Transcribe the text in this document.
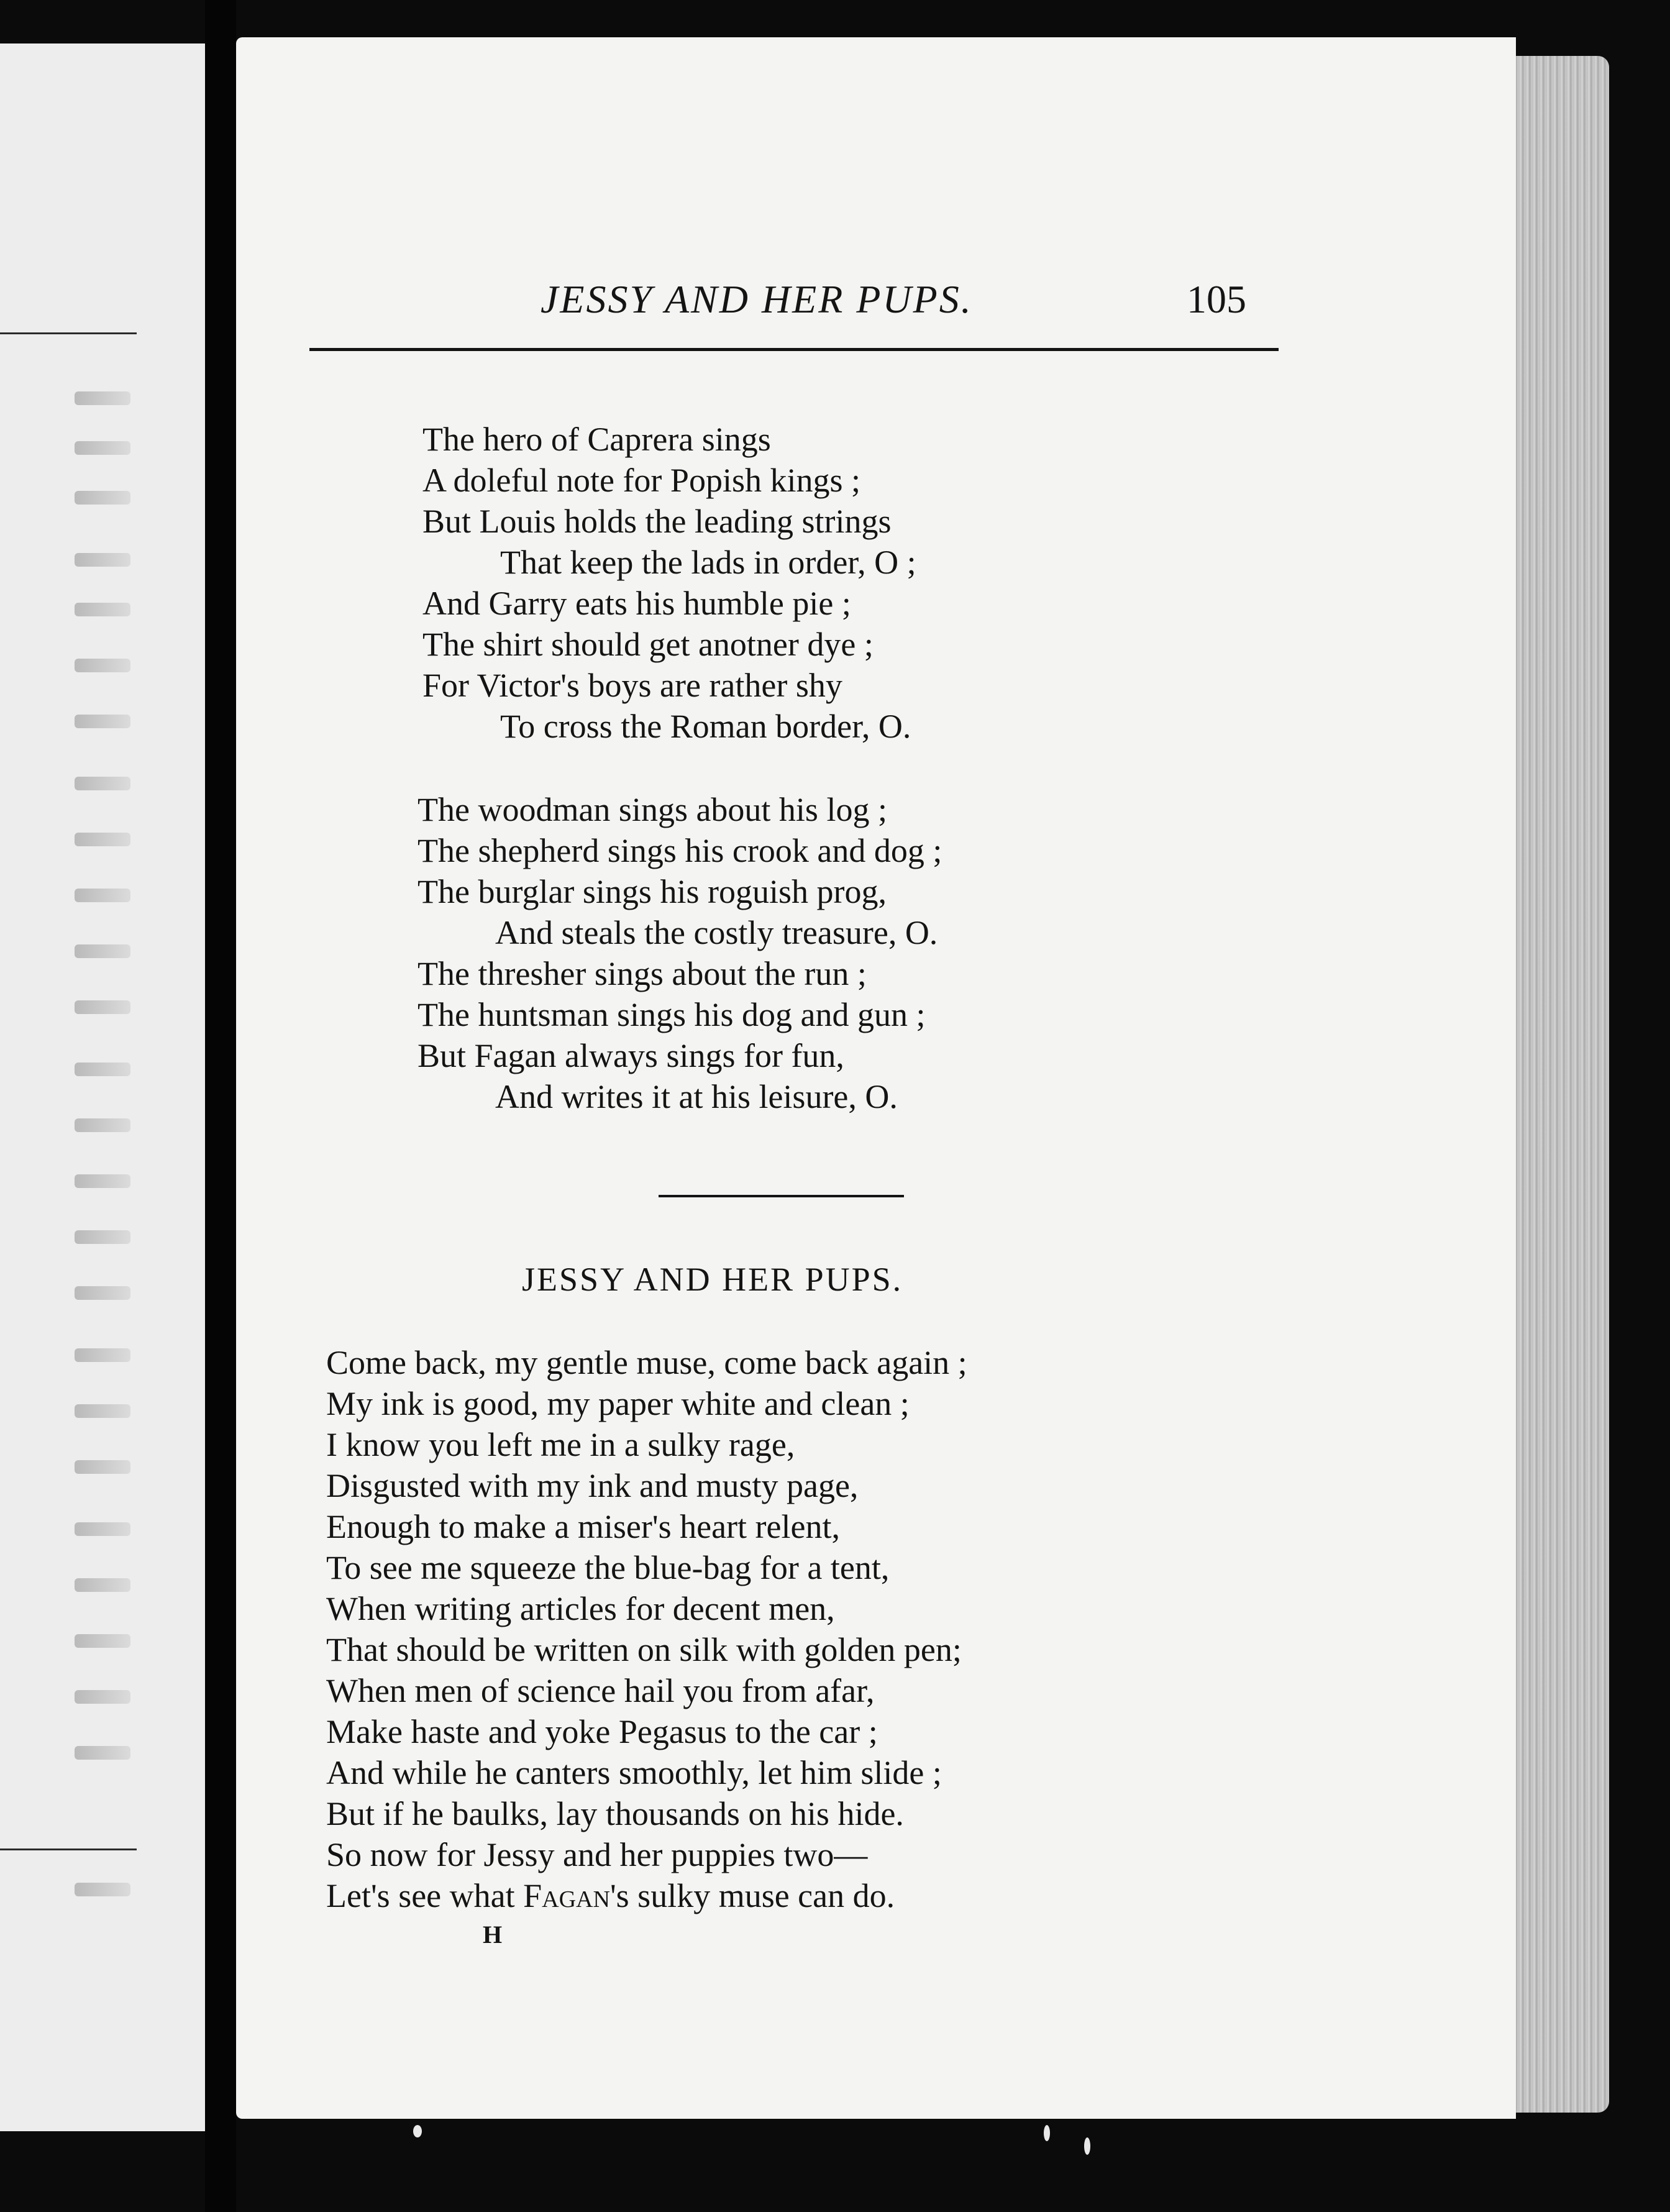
JESSY AND HER PUPS.	105
The hero of Caprera sings
A doleful note for Popish kings ;
But Louis holds the leading strings
That keep the lads in order, O ;
And Garry eats his humble pie ;
The shirt should get anotner dye ;
For Victor's boys are rather shy
To cross the Roman border, O.
The woodman sings about his log ;
The shepherd sings his crook and dog ;
The burglar sings his roguish prog,
And steals the costly treasure, O.
The thresher sings about the run ;
The huntsman sings his dog and gun ;
But Fagan always sings for fun,
And writes it at his leisure, O.
JESSY AND HER PUPS.
Come back, my gentle muse, come back again ;
My ink is good, my paper white and clean ;
I know you left me in a sulky rage,
Disgusted with my ink and musty page,
Enough to make a miser's heart relent,
To see me squeeze the blue-bag for a tent,
When writing articles for decent men,
That should be written on silk with golden pen;
When men of science hail you from afar,
Make haste and yoke Pegasus to the car ;
And while he canters smoothly, let him slide ;
But if he baulks, lay thousands on his hide.
So now for Jessy and her puppies two—
Let's see what Fagan's sulky muse can do.
H
